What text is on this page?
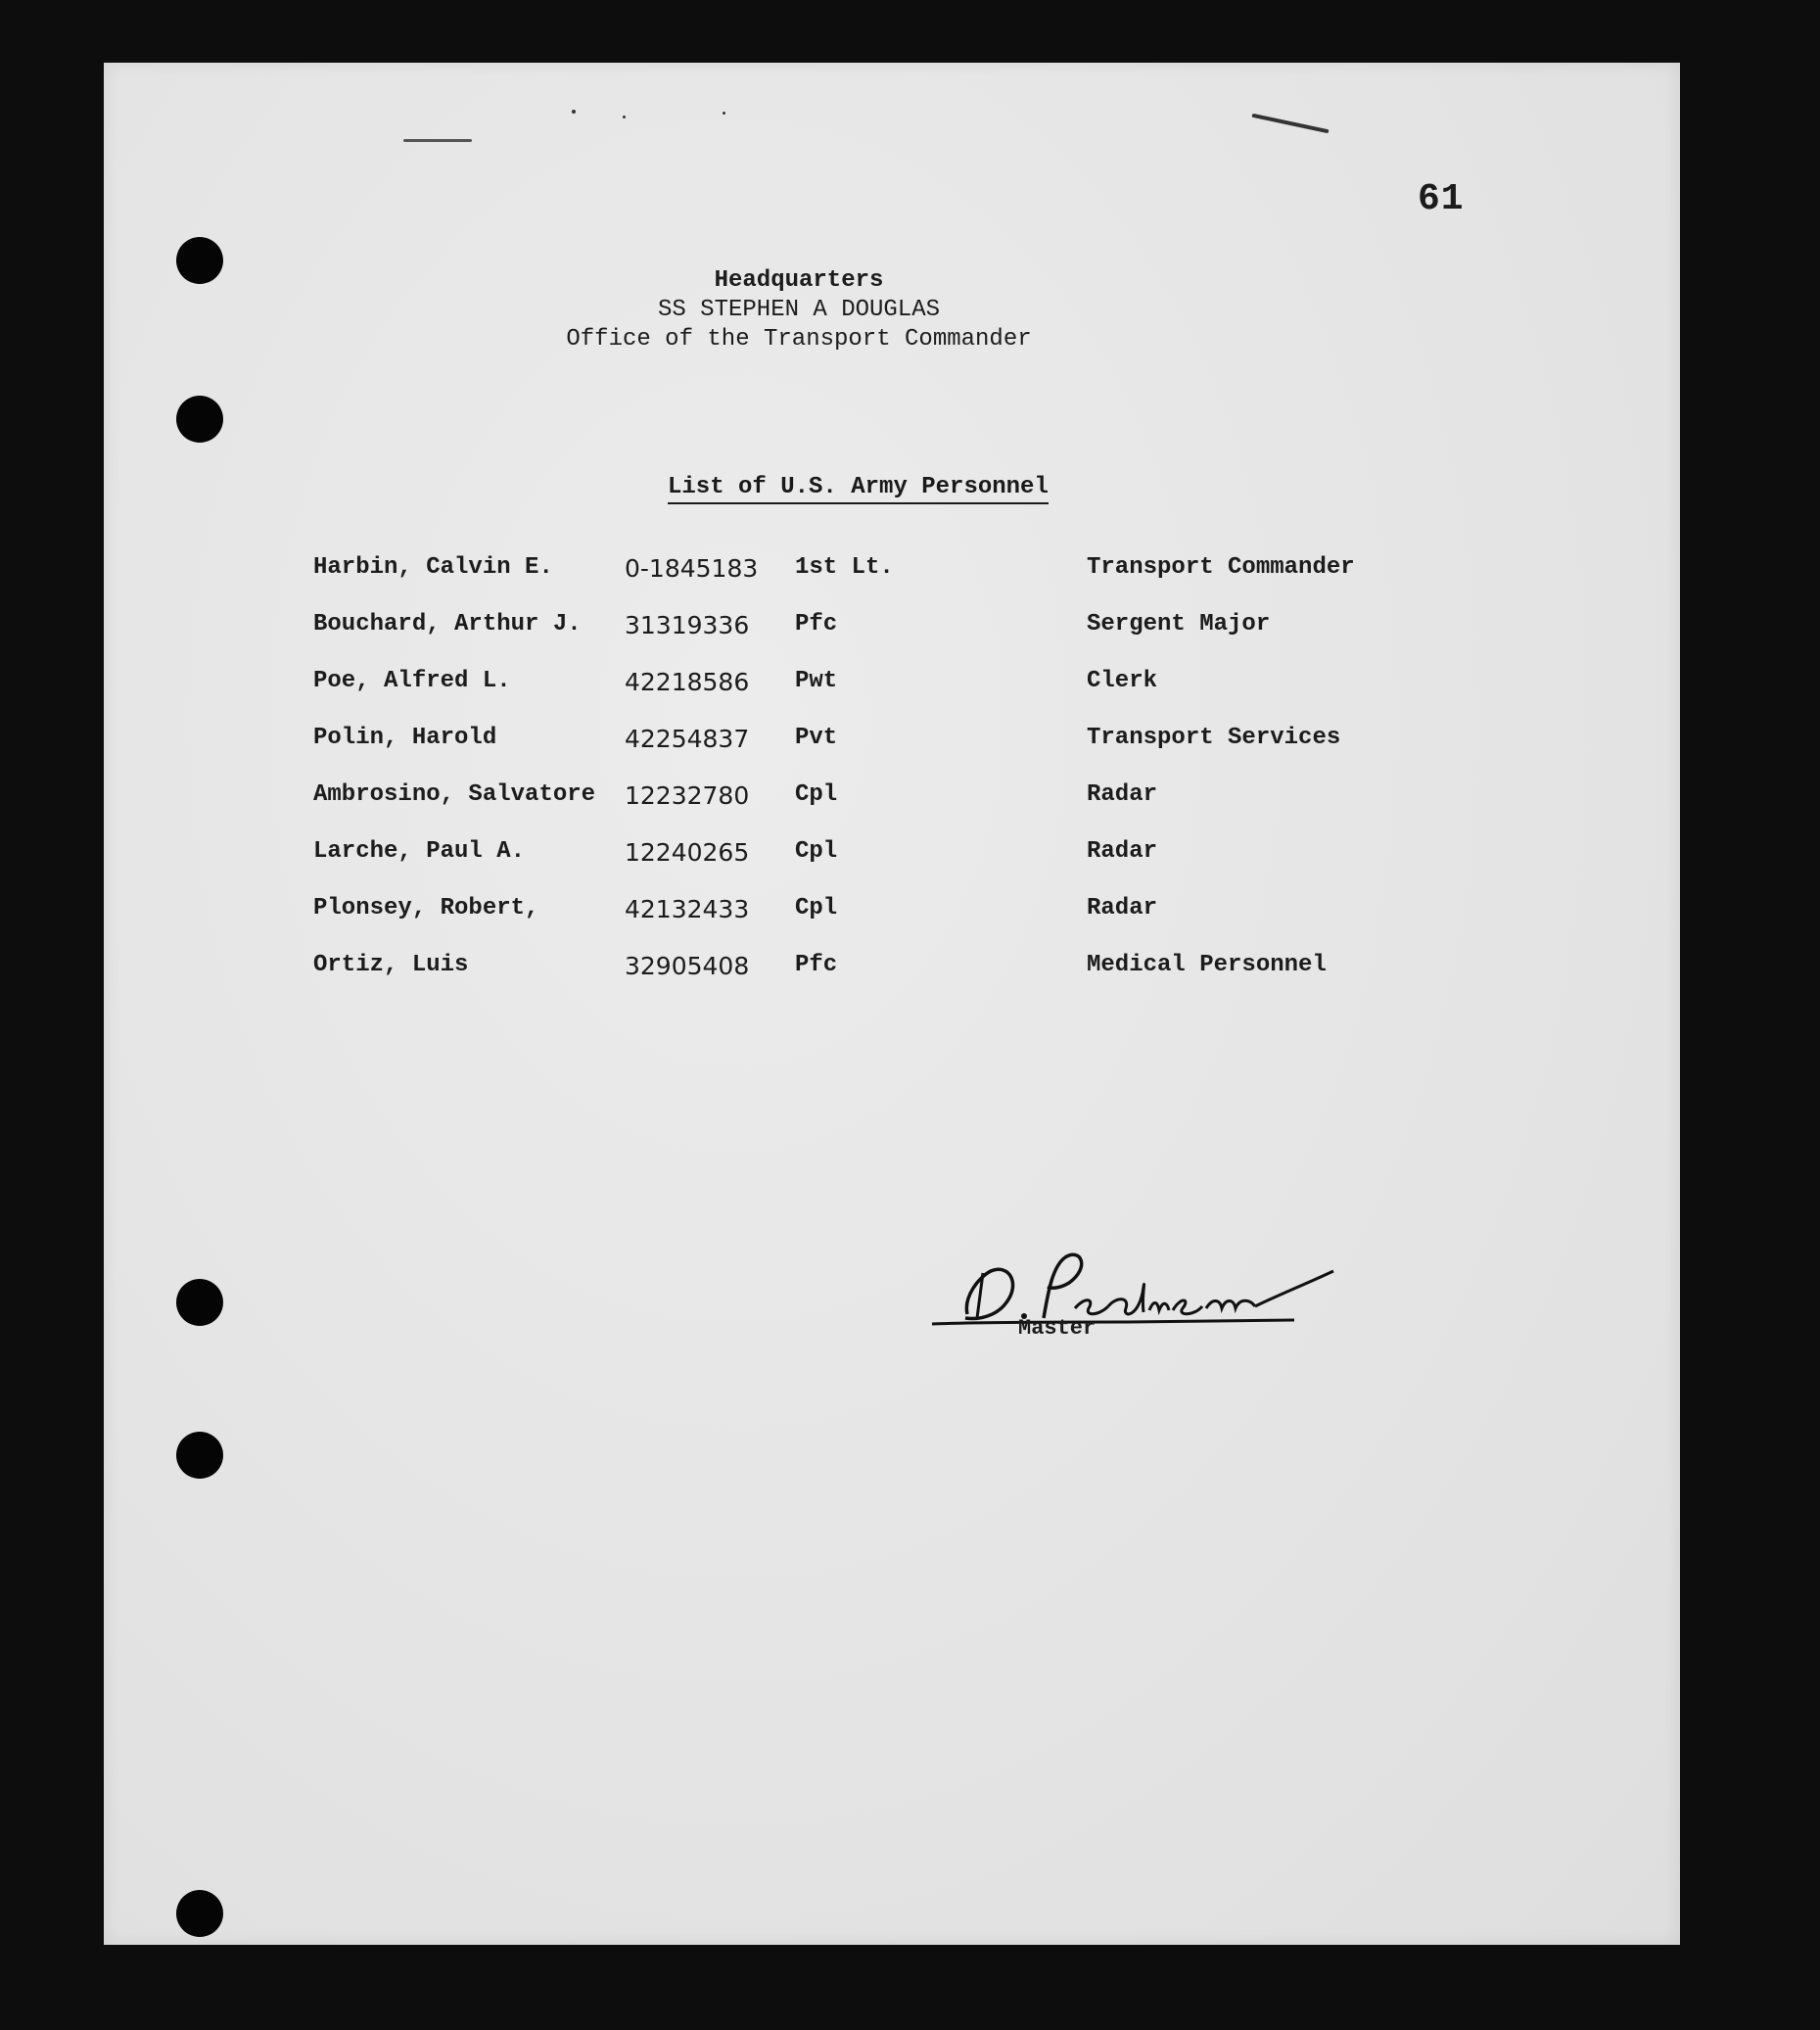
61
Headquarters
SS STEPHEN A DOUGLAS
Office of the Transport Commander
List of U.S. Army Personnel
Harbin, Calvin E.	0-1845183 1st Lt.	Transport Commander
Bouchard, Arthur J. 31319336 Pfc	Sergent Major
Poe, Alfred L.	42218586 Pwt	Clerk
Polin, Harold	42254837 Pvt	Transport Services
Ambrosino, Salvatore 12232780 Cpl	Radar
Larche, Paul A.	12240265 Cpl	Radar
Plonsey, Robert,	42132433 Cpl	Radar
Ortiz, Luis	32905408 Pfc	Medical Personnel
Master
